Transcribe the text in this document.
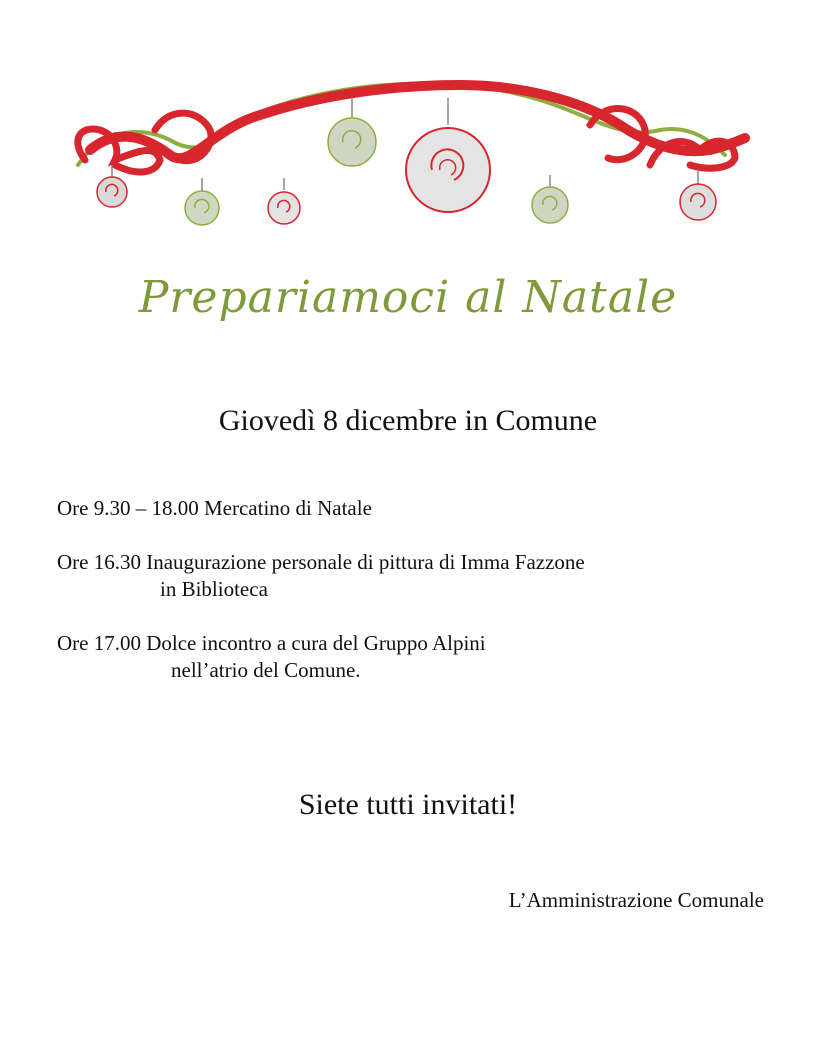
Prepariamoci al Natale
Giovedì 8 dicembre in Comune

Ore 9.30 – 18.00 Mercatino di Natale

Ore 16.30 Inaugurazione personale di pittura di Imma Fazzone
in Biblioteca

Ore 17.00 Dolce incontro a cura del Gruppo Alpini
nell’atrio del Comune.

Siete tutti invitati!

L’Amministrazione Comunale
